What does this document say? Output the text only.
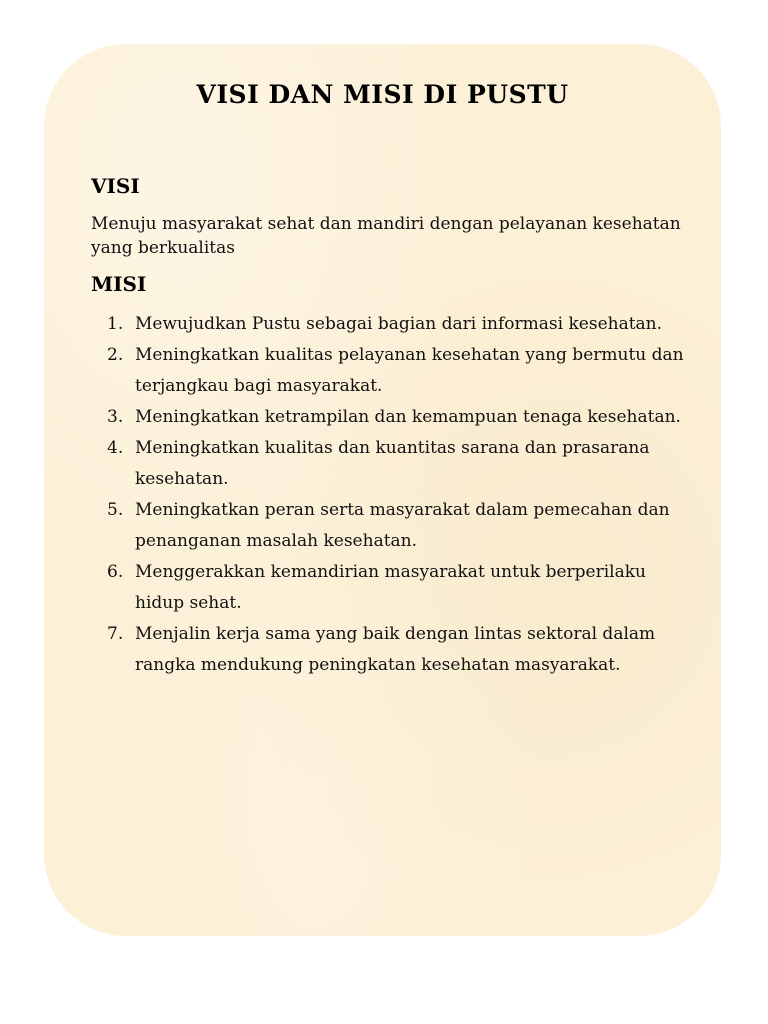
VISI DAN MISI DI PUSTU
VISI
Menuju masyarakat sehat dan mandiri dengan pelayanan kesehatan yang berkualitas
MISI
1. Mewujudkan Pustu sebagai bagian dari informasi kesehatan.
2. Meningkatkan kualitas pelayanan kesehatan yang bermutu dan terjangkau bagi masyarakat.
3. Meningkatkan ketrampilan dan kemampuan tenaga kesehatan.
4. Meningkatkan kualitas dan kuantitas sarana dan prasarana kesehatan.
5. Meningkatkan peran serta masyarakat dalam pemecahan dan penanganan masalah kesehatan.
6. Menggerakkan kemandirian masyarakat untuk berperilaku hidup sehat.
7. Menjalin kerja sama yang baik dengan lintas sektoral dalam rangka mendukung peningkatan kesehatan masyarakat.
